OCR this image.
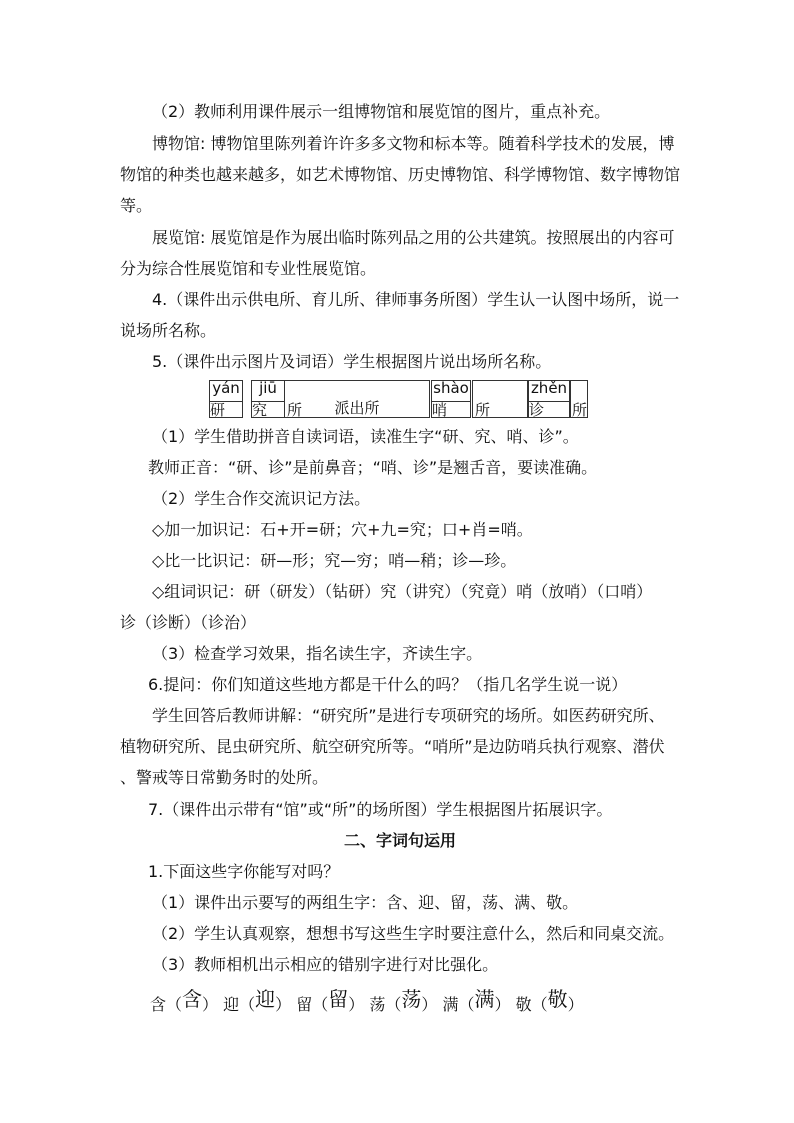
（2）教师利用课件展示一组博物馆和展览馆的图片，重点补充。
博物馆: 博物馆里陈列着许许多多文物和标本等。随着科学技术的发展，博
物馆的种类也越来越多，如艺术博物馆、历史博物馆、科学博物馆、数字博物馆
等。
展览馆: 展览馆是作为展出临时陈列品之用的公共建筑。按照展出的内容可
分为综合性展览馆和专业性展览馆。
4.（课件出示供电所、育儿所、律师事务所图）学生认一认图中场所，说一
说场所名称。
5.（课件出示图片及词语）学生根据图片说出场所名称。
yán
研
jiū
究 所	派出所
shào
哨 所
zhěn
诊 所
（1）学生借助拼音自读词语，读准生字“研、究、哨、诊”。
教师正音：“研、诊”是前鼻音；“哨、诊”是翘舌音，要读准确。
（2）学生合作交流识记方法。
◇加一加识记：石+开=研；穴+九=究；口+肖=哨。
◇比一比识记：研—形；究—穷；哨—稍；诊—珍。
◇组词识记：研（研发）（钻研）究（讲究）（究竟）哨（放哨）（口哨）
诊（诊断）（诊治）
（3）检查学习效果，指名读生字，齐读生字。
6.提问：你们知道这些地方都是干什么的吗？（指几名学生说一说）
学生回答后教师讲解：“研究所”是进行专项研究的场所。如医药研究所、
植物研究所、昆虫研究所、航空研究所等。“哨所”是边防哨兵执行观察、潜伏
、警戒等日常勤务时的处所。
7.（课件出示带有“馆”或“所”的场所图）学生根据图片拓展识字。
二、字词句运用
1.下面这些字你能写对吗？
（1）课件出示要写的两组生字：含、迎、留，荡、满、敬。
（2）学生认真观察，想想书写这些生字时要注意什么，然后和同桌交流。
（3）教师相机出示相应的错别字进行对比强化。
含（含） 迎（迎） 留（留） 荡（荡） 满（满） 敬（敬）
